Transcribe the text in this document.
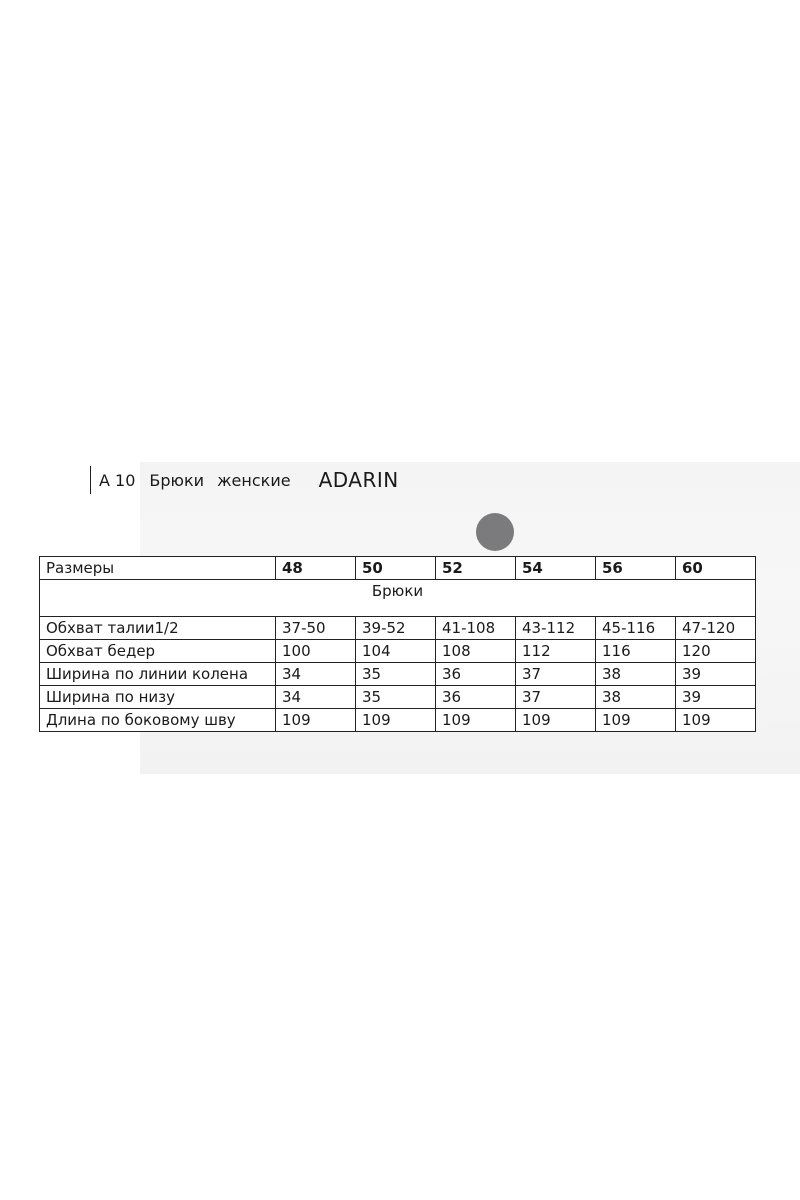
A 10 Брюки женские ADARIN
Размеры	48	50	52	54	56	60
Брюки						
Обхват талии1/2	37-50	39-52	41-108	43-112	45-116	47-120
Обхват бедер	100	104	108	112	116	120
Ширина по линии колена	34	35	36	37	38	39
Ширина по низу	34	35	36	37	38	39
Длина по боковому шву	109	109	109	109	109	109
